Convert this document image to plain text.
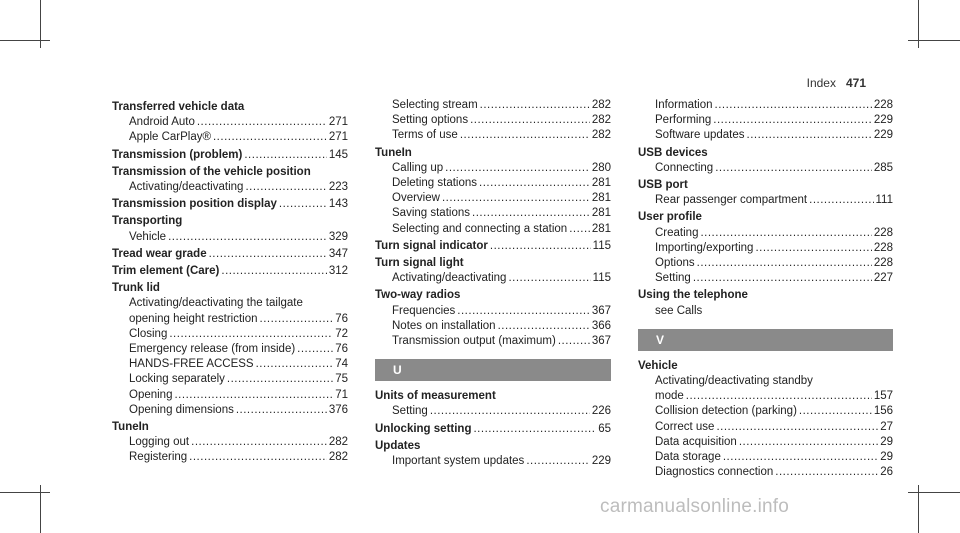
Index 471
Transferred vehicle data
Android Auto .....	271
Apple CarPlay® .....	271
Transmission (problem) .....	145
Transmission of the vehicle position
Activating/deactivating .....	223
Transmission position display .....	143
Transporting
Vehicle .....	329
Tread wear grade .....	347
Trim element (Care) .....	312
Trunk lid
Activating/deactivating the tailgate
opening height restriction .....	76
Closing .....	72
Emergency release (from inside) .....	76
HANDS-FREE ACCESS .....	74
Locking separately .....	75
Opening .....	71
Opening dimensions .....	376
TuneIn
Logging out .....	282
Registering .....	282
Selecting stream .....	282
Setting options .....	282
Terms of use .....	282
TuneIn
Calling up .....	280
Deleting stations .....	281
Overview .....	281
Saving stations .....	281
Selecting and connecting a station ..... 281
Turn signal indicator .....	115
Turn signal light
Activating/deactivating .....	115
Two-way radios
Frequencies .....	367
Notes on installation .....	366
Transmission output (maximum) .....	367
U
Units of measurement
Setting .....	226
Unlocking setting .....	65
Updates
Important system updates .....	229
Information .....	228
Performing .....	229
Software updates .....	229
USB devices
Connecting .....	285
USB port
Rear passenger compartment .....	111
User profile
Creating .....	228
Importing/exporting .....	228
Options .....	228
Setting .....	227
Using the telephone
see Calls
V
Vehicle
Activating/deactivating standby
mode .....	157
Collision detection (parking) .....	156
Correct use .....	27
Data acquisition .....	29
Data storage .....	29
Diagnostics connection .....	26
carmanualsonline.info
